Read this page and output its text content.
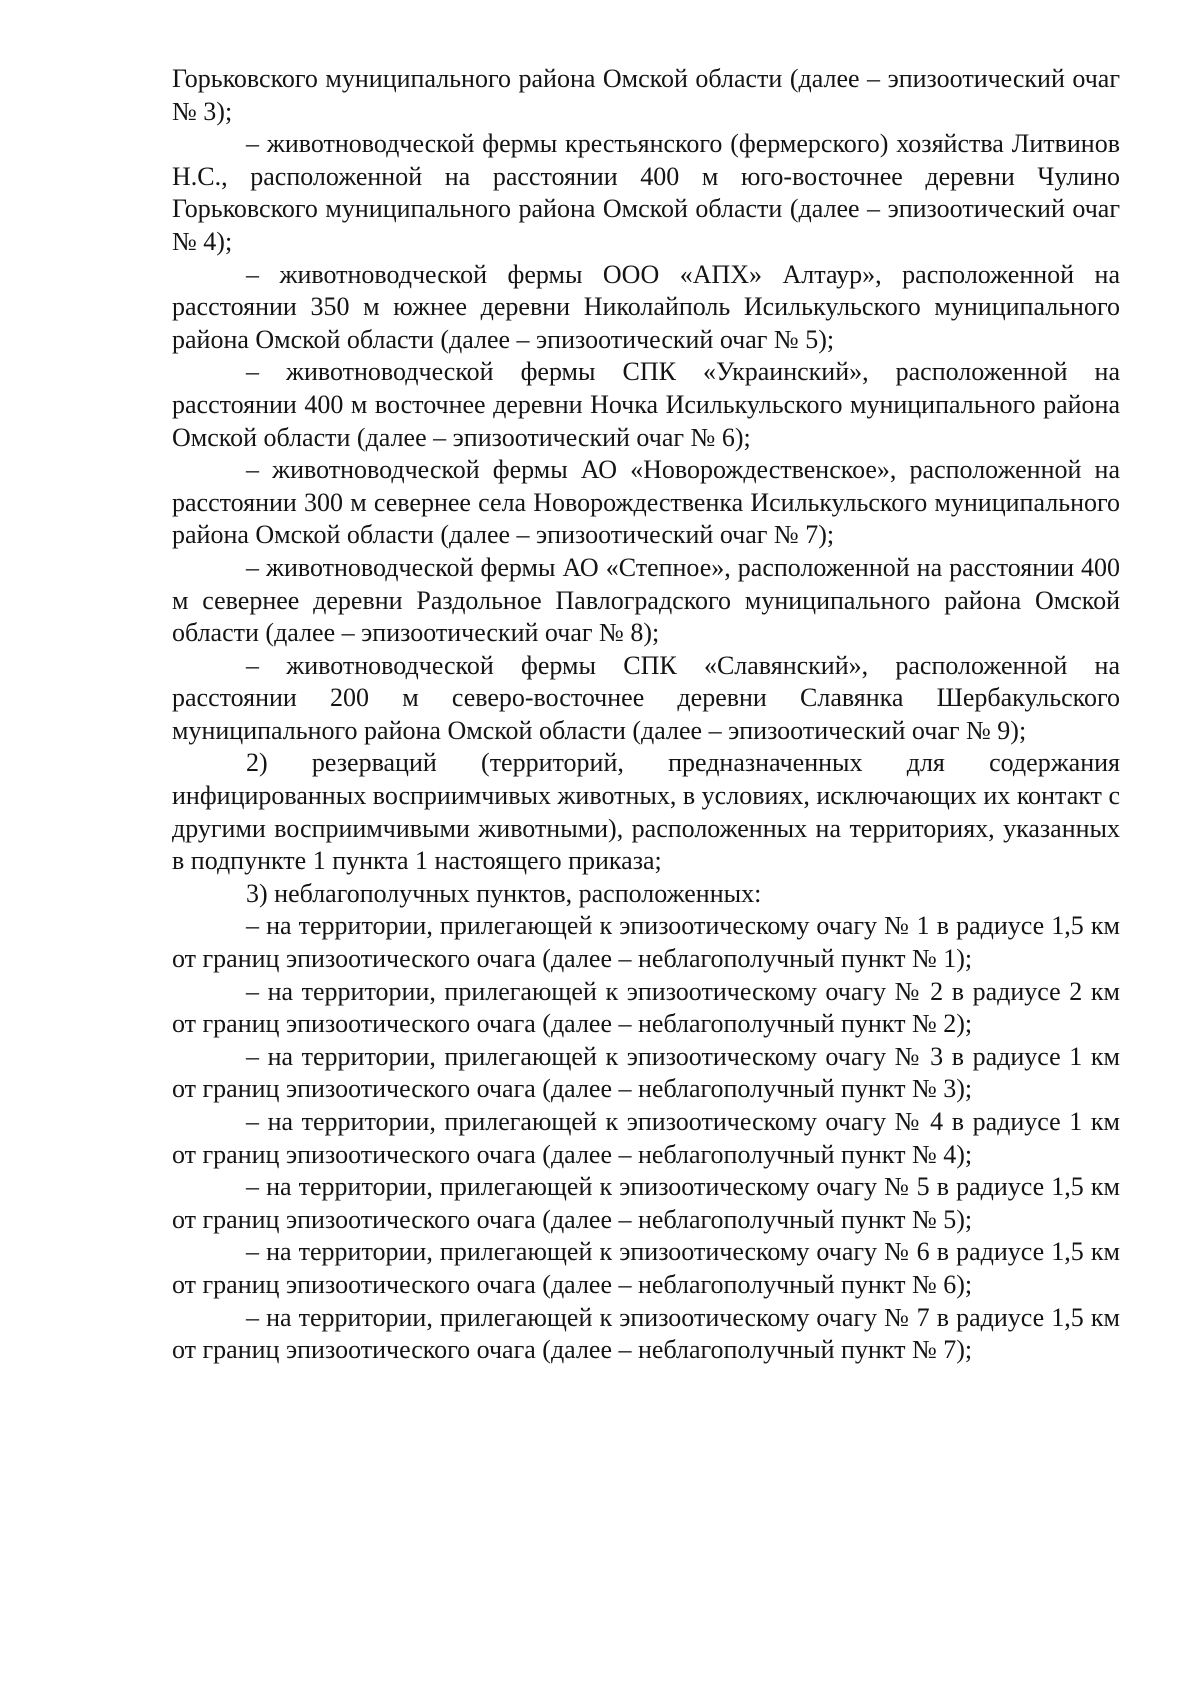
Горьковского муниципального района Омской области (далее – эпизоотический очаг № 3);

– животноводческой фермы крестьянского (фермерского) хозяйства Литвинов Н.С., расположенной на расстоянии 400 м юго-восточнее деревни Чулино Горьковского муниципального района Омской области (далее – эпизоотический очаг № 4);

– животноводческой фермы ООО «АПХ» Алтаур», расположенной на расстоянии 350 м южнее деревни Николайполь Исилькульского муниципального района Омской области (далее – эпизоотический очаг № 5);

– животноводческой фермы СПК «Украинский», расположенной на расстоянии 400 м восточнее деревни Ночка Исилькульского муниципального района Омской области (далее – эпизоотический очаг № 6);

– животноводческой фермы АО «Новорождественское», расположенной на расстоянии 300 м севернее села Новорождественка Исилькульского муниципального района Омской области (далее – эпизоотический очаг № 7);

– животноводческой фермы АО «Степное», расположенной на расстоянии 400 м севернее деревни Раздольное Павлоградского муниципального района Омской области (далее – эпизоотический очаг № 8);

– животноводческой фермы СПК «Славянский», расположенной на расстоянии 200 м северо-восточнее деревни Славянка Шербакульского муниципального района Омской области (далее – эпизоотический очаг № 9);

2) резерваций (территорий, предназначенных для содержания инфицированных восприимчивых животных, в условиях, исключающих их контакт с другими восприимчивыми животными), расположенных на территориях, указанных в подпункте 1 пункта 1 настоящего приказа;

3) неблагополучных пунктов, расположенных:

– на территории, прилегающей к эпизоотическому очагу № 1 в радиусе 1,5 км от границ эпизоотического очага (далее – неблагополучный пункт № 1);

– на территории, прилегающей к эпизоотическому очагу № 2 в радиусе 2 км от границ эпизоотического очага (далее – неблагополучный пункт № 2);

– на территории, прилегающей к эпизоотическому очагу № 3 в радиусе 1 км от границ эпизоотического очага (далее – неблагополучный пункт № 3);

– на территории, прилегающей к эпизоотическому очагу № 4 в радиусе 1 км от границ эпизоотического очага (далее – неблагополучный пункт № 4);

– на территории, прилегающей к эпизоотическому очагу № 5 в радиусе 1,5 км от границ эпизоотического очага (далее – неблагополучный пункт № 5);

– на территории, прилегающей к эпизоотическому очагу № 6 в радиусе 1,5 км от границ эпизоотического очага (далее – неблагополучный пункт № 6);

– на территории, прилегающей к эпизоотическому очагу № 7 в радиусе 1,5 км от границ эпизоотического очага (далее – неблагополучный пункт № 7);
